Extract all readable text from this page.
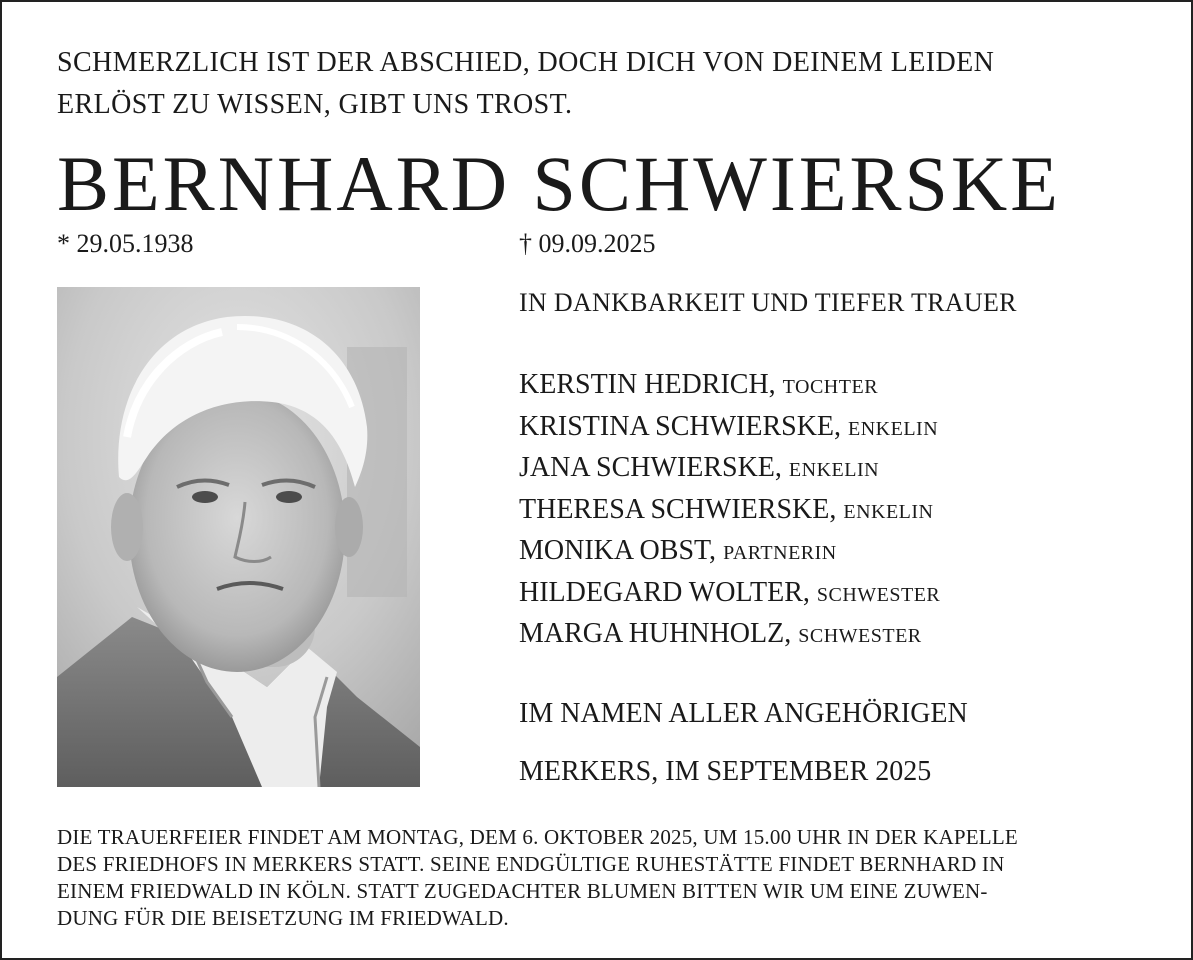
SCHMERZLICH IST DER ABSCHIED, DOCH DICH VON DEINEM LEIDEN
ERLÖST ZU WISSEN, GIBT UNS TROST.
BERNHARD SCHWIERSKE
* 29.05.1938	† 09.09.2025
IN DANKBARKEIT UND TIEFER TRAUER
KERSTIN HEDRICH, TOCHTER
KRISTINA SCHWIERSKE, ENKELIN
JANA SCHWIERSKE, ENKELIN
THERESA SCHWIERSKE, ENKELIN
MONIKA OBST, PARTNERIN
HILDEGARD WOLTER, SCHWESTER
MARGA HUHNHOLZ, SCHWESTER
IM NAMEN ALLER ANGEHÖRIGEN
MERKERS, IM SEPTEMBER 2025
DIE TRAUERFEIER FINDET AM MONTAG, DEM 6. OKTOBER 2025, UM 15.00 UHR IN DER KAPELLE
DES FRIEDHOFS IN MERKERS STATT. SEINE ENDGÜLTIGE RUHESTÄTTE FINDET BERNHARD IN
EINEM FRIEDWALD IN KÖLN. STATT ZUGEDACHTER BLUMEN BITTEN WIR UM EINE ZUWEN-
DUNG FÜR DIE BEISETZUNG IM FRIEDWALD.
